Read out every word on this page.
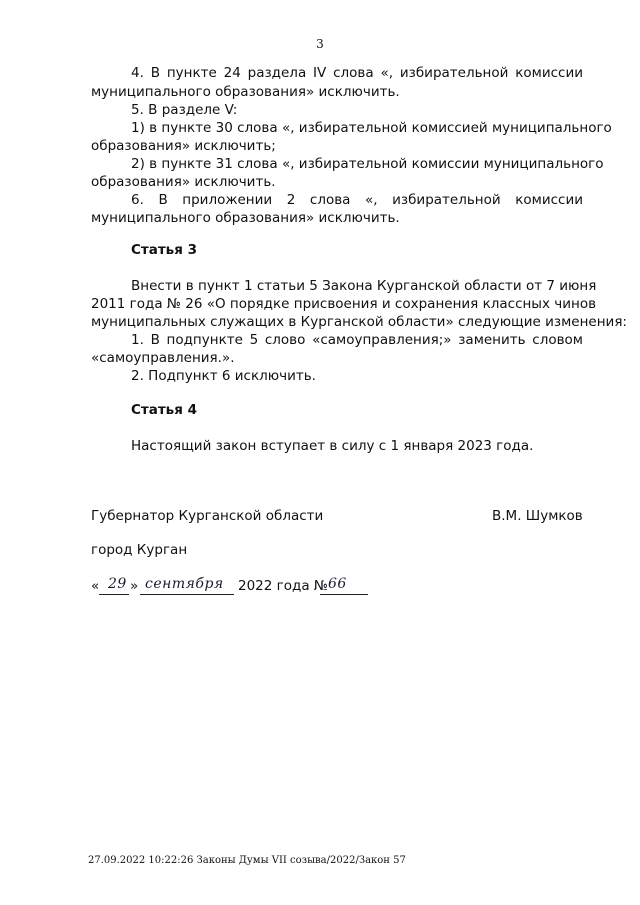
3
4. В пункте 24 раздела IV слова «, избирательной комиссии
муниципального образования» исключить.
5. В разделе V:
1) в пункте 30 слова «, избирательной комиссией муниципального
образования» исключить;
2) в пункте 31 слова «, избирательной комиссии муниципального
образования» исключить.
6. В приложении 2 слова «, избирательной комиссии
муниципального образования» исключить.
Статья 3
Внести в пункт 1 статьи 5 Закона Курганской области от 7 июня
2011 года № 26 «О порядке присвоения и сохранения классных чинов
муниципальных служащих в Курганской области» следующие изменения:
1. В подпункте 5 слово «самоуправления;» заменить словом
«самоуправления.».
2. Подпункт 6 исключить.
Статья 4
Настоящий закон вступает в силу с 1 января 2023 года.
Губернатор Курганской области	В.М. Шумков
город Курган
« 29 » сентября 2022 года № 66
27.09.2022 10:22:26 Законы Думы VII созыва/2022/Закон 57
